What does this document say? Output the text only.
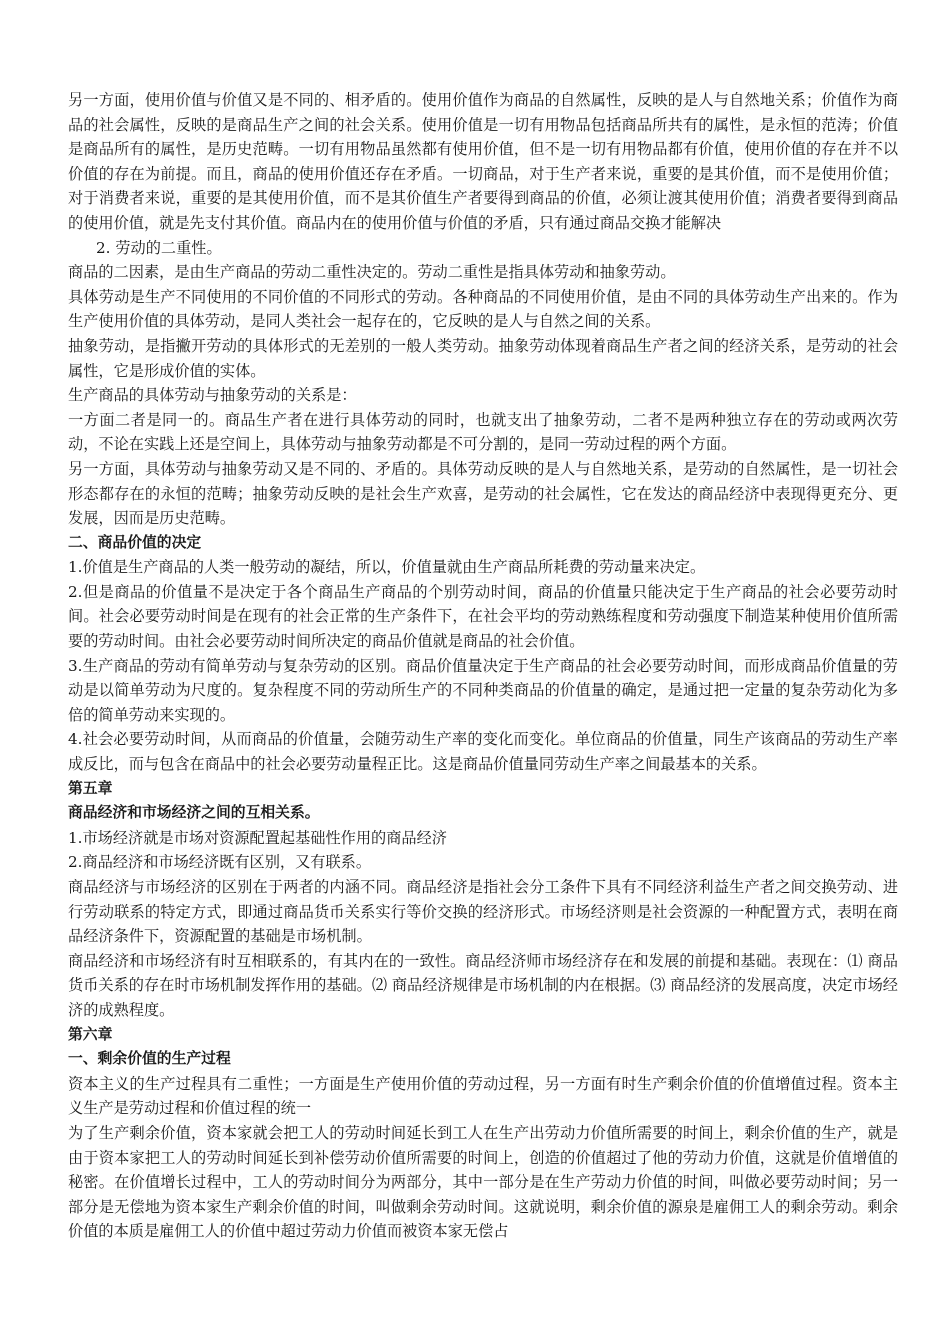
另一方面，使用价值与价值又是不同的、相矛盾的。使用价值作为商品的自然属性，反映的是人与自然地关系；价值作为商品的社会属性，反映的是商品生产之间的社会关系。使用价值是一切有用物品包括商品所共有的属性，是永恒的范涛；价值是商品所有的属性，是历史范畴。一切有用物品虽然都有使用价值，但不是一切有用物品都有价值，使用价值的存在并不以价值的存在为前提。而且，商品的使用价值还存在矛盾。一切商品，对于生产者来说，重要的是其价值，而不是使用价值；对于消费者来说，重要的是其使用价值，而不是其价值生产者要得到商品的价值，必须让渡其使用价值；消费者要得到商品的使用价值，就是先支付其价值。商品内在的使用价值与价值的矛盾，只有通过商品交换才能解决

2. 劳动的二重性。

商品的二因素，是由生产商品的劳动二重性决定的。劳动二重性是指具体劳动和抽象劳动。

具体劳动是生产不同使用的不同价值的不同形式的劳动。各种商品的不同使用价值，是由不同的具体劳动生产出来的。作为生产使用价值的具体劳动，是同人类社会一起存在的，它反映的是人与自然之间的关系。

抽象劳动，是指撇开劳动的具体形式的无差别的一般人类劳动。抽象劳动体现着商品生产者之间的经济关系，是劳动的社会属性，它是形成价值的实体。

生产商品的具体劳动与抽象劳动的关系是：

一方面二者是同一的。商品生产者在进行具体劳动的同时，也就支出了抽象劳动，二者不是两种独立存在的劳动或两次劳动，不论在实践上还是空间上，具体劳动与抽象劳动都是不可分割的，是同一劳动过程的两个方面。

另一方面，具体劳动与抽象劳动又是不同的、矛盾的。具体劳动反映的是人与自然地关系，是劳动的自然属性，是一切社会形态都存在的永恒的范畴；抽象劳动反映的是社会生产欢喜，是劳动的社会属性，它在发达的商品经济中表现得更充分、更发展，因而是历史范畴。

二、商品价值的决定

1.价值是生产商品的人类一般劳动的凝结，所以，价值量就由生产商品所耗费的劳动量来决定。

2.但是商品的价值量不是决定于各个商品生产商品的个别劳动时间，商品的价值量只能决定于生产商品的社会必要劳动时间。社会必要劳动时间是在现有的社会正常的生产条件下，在社会平均的劳动熟练程度和劳动强度下制造某种使用价值所需要的劳动时间。由社会必要劳动时间所决定的商品价值就是商品的社会价值。

3.生产商品的劳动有简单劳动与复杂劳动的区别。商品价值量决定于生产商品的社会必要劳动时间，而形成商品价值量的劳动是以简单劳动为尺度的。复杂程度不同的劳动所生产的不同种类商品的价值量的确定，是通过把一定量的复杂劳动化为多倍的简单劳动来实现的。

4.社会必要劳动时间，从而商品的价值量，会随劳动生产率的变化而变化。单位商品的价值量，同生产该商品的劳动生产率成反比，而与包含在商品中的社会必要劳动量程正比。这是商品价值量同劳动生产率之间最基本的关系。

第五章

商品经济和市场经济之间的互相关系。

1.市场经济就是市场对资源配置起基础性作用的商品经济

2.商品经济和市场经济既有区别，又有联系。

商品经济与市场经济的区别在于两者的内涵不同。商品经济是指社会分工条件下具有不同经济利益生产者之间交换劳动、进行劳动联系的特定方式，即通过商品货币关系实行等价交换的经济形式。市场经济则是社会资源的一种配置方式，表明在商品经济条件下，资源配置的基础是市场机制。

商品经济和市场经济有时互相联系的，有其内在的一致性。商品经济师市场经济存在和发展的前提和基础。表现在：⑴ 商品货币关系的存在时市场机制发挥作用的基础。⑵ 商品经济规律是市场机制的内在根据。⑶ 商品经济的发展高度，决定市场经济的成熟程度。

第六章

一、剩余价值的生产过程

资本主义的生产过程具有二重性；一方面是生产使用价值的劳动过程，另一方面有时生产剩余价值的价值增值过程。资本主义生产是劳动过程和价值过程的统一

为了生产剩余价值，资本家就会把工人的劳动时间延长到工人在生产出劳动力价值所需要的时间上，剩余价值的生产，就是由于资本家把工人的劳动时间延长到补偿劳动价值所需要的时间上，创造的价值超过了他的劳动力价值，这就是价值增值的秘密。在价值增长过程中，工人的劳动时间分为两部分，其中一部分是在生产劳动力价值的时间，叫做必要劳动时间；另一部分是无偿地为资本家生产剩余价值的时间，叫做剩余劳动时间。这就说明，剩余价值的源泉是雇佣工人的剩余劳动。剩余价值的本质是雇佣工人的价值中超过劳动力价值而被资本家无偿占
